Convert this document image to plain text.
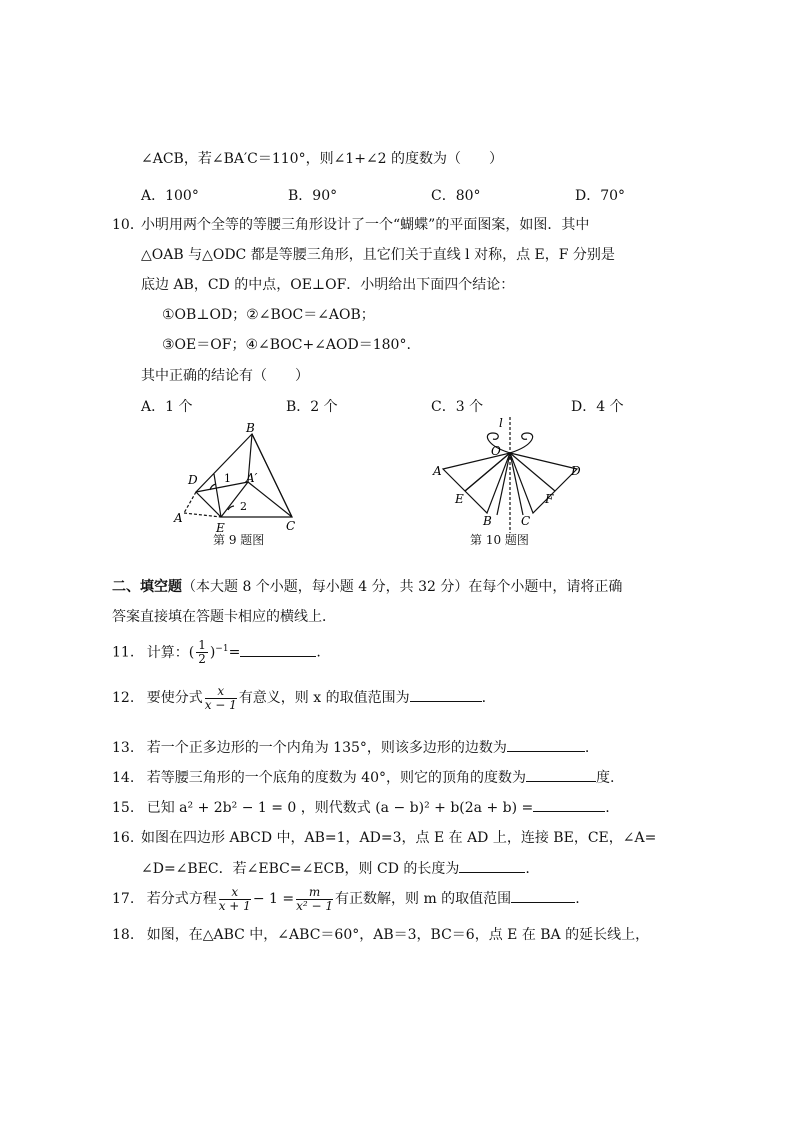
∠ACB，若∠BA′C＝110°，则∠1+∠2 的度数为（　　）
A．100°	B．90°	C．80°	D．70°
10．
小明用两个全等的等腰三角形设计了一个“蝴蝶”的平面图案，如图．其中
△OAB 与△ODC 都是等腰三角形，且它们关于直线 l 对称，点 E，F 分别是
底边 AB，CD 的中点，OE⊥OF．小明给出下面四个结论：
①OB⊥OD；②∠BOC＝∠AOB；
③OE＝OF；④∠BOC+∠AOD＝180°.
其中正确的结论有（　　）
A．1 个	B．2 个	C．3 个	D．4 个
B
D 1 A′
2
A
E	C
第 9 题图
l
O
A	D
E	F
B C
第 10 题图
二、填空题（本大题 8 个小题，每小题 4 分，共 32 分）在每个小题中，请将正确
答案直接填在答题卡相应的横线上．
11. 计算：( $\frac{1}{2} )^{-1}=$	.
12. 要使分式 $\frac{x}{x - 1}$ 有意义，则 x 的取值范围为	.
13. 若一个正多边形的一个内角为 135°，则该多边形的边数为	.
14. 若等腰三角形的一个底角的度数为 40°，则它的顶角的度数为	度.
15. 已知 a² + 2b² − 1 = 0 ，则代数式 (a − b)² + b(2a + b) =	.
16. 如图在四边形 ABCD 中，AB=1，AD=3，点 E 在 AD 上，连接 BE，CE，∠A=
∠D=∠BEC．若∠EBC=∠ECB，则 CD 的长度为	.
17. 若分式方程 $\frac{x}{x + 1} - 1 = \frac{m}{\text{x² − 1}}$ 有正数解，则 m 的取值范围	.
18. 如图，在△ABC 中，∠ABC＝60°，AB＝3，BC＝6，点 E 在 BA 的延长线上，
